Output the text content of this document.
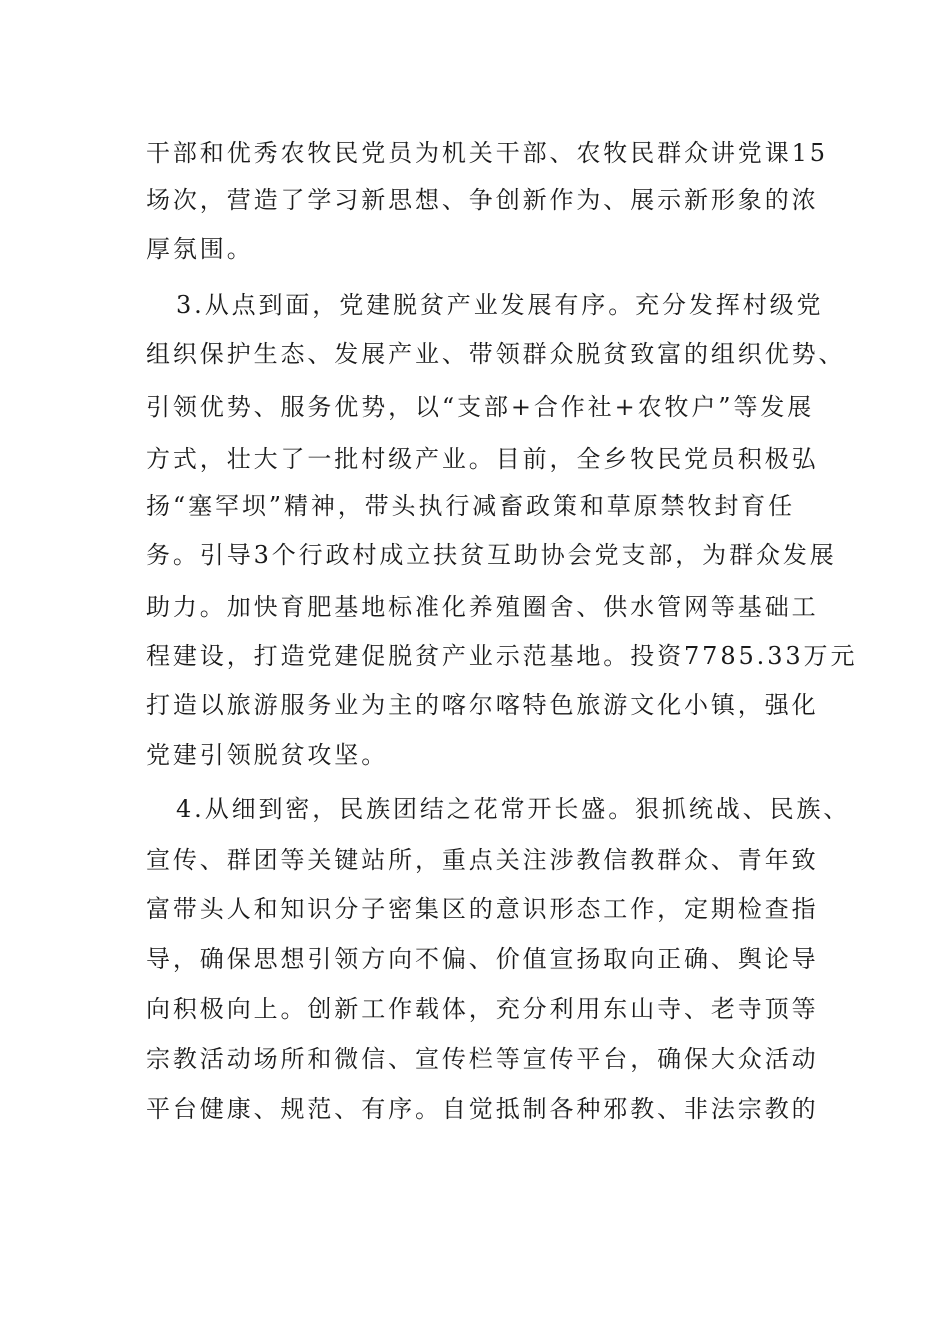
干部和优秀农牧民党员为机关干部、农牧民群众讲党课15

场次，营造了学习新思想、争创新作为、展示新形象的浓

厚氛围。

3.从点到面，党建脱贫产业发展有序。充分发挥村级党

组织保护生态、发展产业、带领群众脱贫致富的组织优势、

引领优势、服务优势，以“支部+合作社+农牧户”等发展

方式，壮大了一批村级产业。目前，全乡牧民党员积极弘

扬“塞罕坝”精神，带头执行减畜政策和草原禁牧封育任

务。引导3个行政村成立扶贫互助协会党支部，为群众发展

助力。加快育肥基地标准化养殖圈舍、供水管网等基础工

程建设，打造党建促脱贫产业示范基地。投资7785.33万元

打造以旅游服务业为主的喀尔喀特色旅游文化小镇，强化

党建引领脱贫攻坚。

4.从细到密，民族团结之花常开长盛。狠抓统战、民族、

宣传、群团等关键站所，重点关注涉教信教群众、青年致

富带头人和知识分子密集区的意识形态工作，定期检查指

导，确保思想引领方向不偏、价值宣扬取向正确、舆论导

向积极向上。创新工作载体，充分利用东山寺、老寺顶等

宗教活动场所和微信、宣传栏等宣传平台，确保大众活动

平台健康、规范、有序。自觉抵制各种邪教、非法宗教的
